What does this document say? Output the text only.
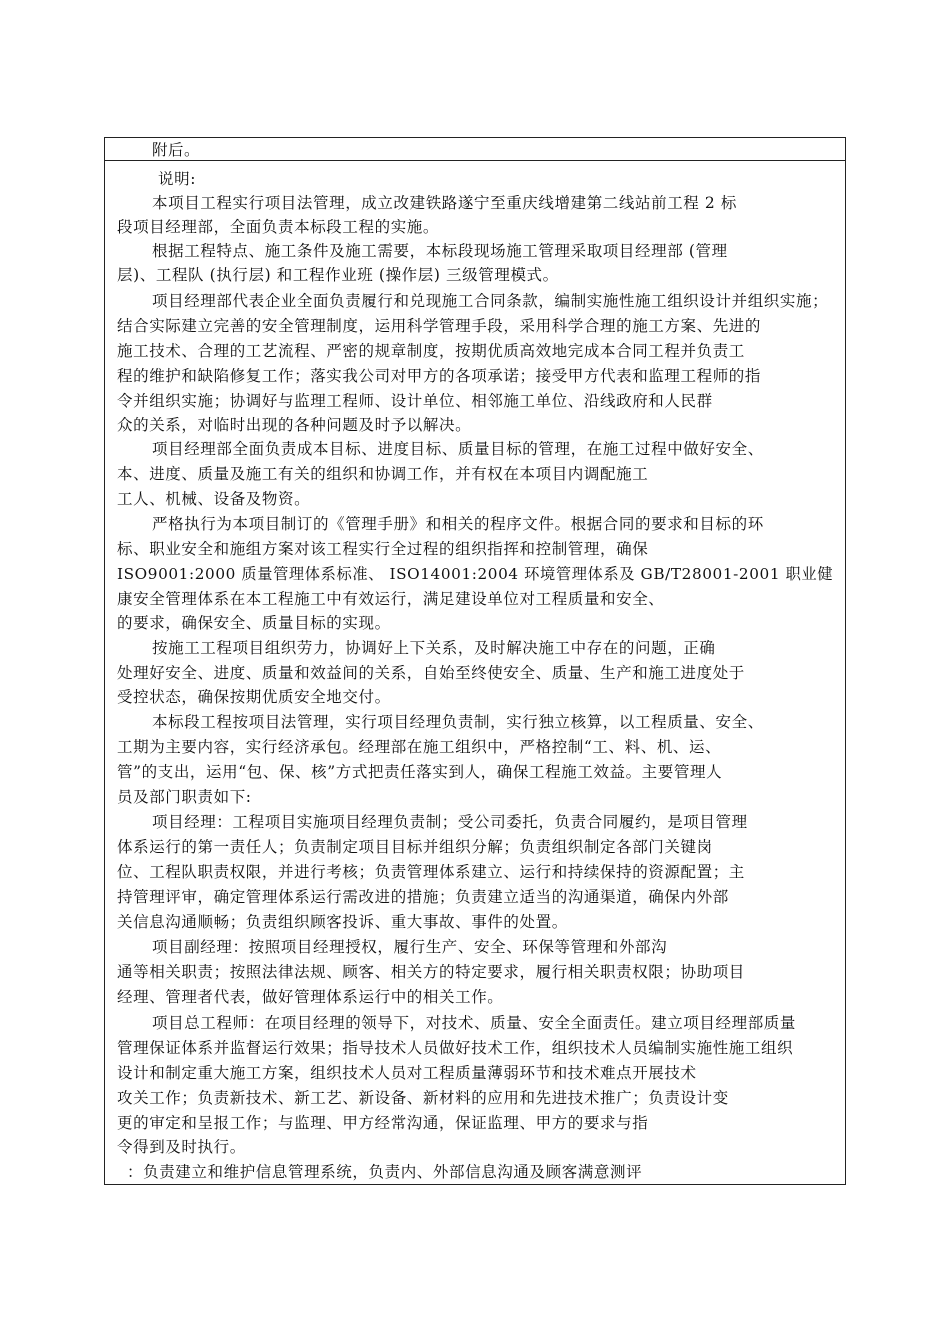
附后。
说明:
本项目工程实行项目法管理，成立改建铁路遂宁至重庆线增建第二线站前工程 2 标
段项目经理部，全面负责本标段工程的实施。
根据工程特点、施工条件及施工需要，本标段现场施工管理采取项目经理部 (管理
层)、工程队 (执行层) 和工程作业班 (操作层) 三级管理模式。
项目经理部代表企业全面负责履行和兑现施工合同条款，编制实施性施工组织设计并组织实施；
结合实际建立完善的安全管理制度，运用科学管理手段，采用科学合理的施工方案、先进的
施工技术、合理的工艺流程、严密的规章制度，按期优质高效地完成本合同工程并负责工
程的维护和缺陷修复工作；落实我公司对甲方的各项承诺；接受甲方代表和监理工程师的指
令并组织实施；协调好与监理工程师、设计单位、相邻施工单位、沿线政府和人民群
众的关系，对临时出现的各种问题及时予以解决。
项目经理部全面负责成本目标、进度目标、质量目标的管理，在施工过程中做好安全、
本、进度、质量及施工有关的组织和协调工作，并有权在本项目内调配施工
工人、机械、设备及物资。
严格执行为本项目制订的《管理手册》和相关的程序文件。根据合同的要求和目标的环
标、职业安全和施组方案对该工程实行全过程的组织指挥和控制管理，确保
ISO9001:2000 质量管理体系标准、 ISO14001:2004 环境管理体系及 GB/T28001-2001 职业健
康安全管理体系在本工程施工中有效运行，满足建设单位对工程质量和安全、
的要求，确保安全、质量目标的实现。
按施工工程项目组织劳力，协调好上下关系，及时解决施工中存在的问题，正确
处理好安全、进度、质量和效益间的关系，自始至终使安全、质量、生产和施工进度处于
受控状态，确保按期优质安全地交付。
本标段工程按项目法管理，实行项目经理负责制，实行独立核算，以工程质量、安全、
工期为主要内容，实行经济承包。经理部在施工组织中，严格控制“工、料、机、运、
管”的支出，运用“包、保、核”方式把责任落实到人，确保工程施工效益。主要管理人
员及部门职责如下:
项目经理：工程项目实施项目经理负责制；受公司委托，负责合同履约，是项目管理
体系运行的第一责任人；负责制定项目目标并组织分解；负责组织制定各部门关键岗
位、工程队职责权限，并进行考核；负责管理体系建立、运行和持续保持的资源配置；主
持管理评审，确定管理体系运行需改进的措施；负责建立适当的沟通渠道，确保内外部
关信息沟通顺畅；负责组织顾客投诉、重大事故、事件的处置。
项目副经理：按照项目经理授权，履行生产、安全、环保等管理和外部沟
通等相关职责；按照法律法规、顾客、相关方的特定要求，履行相关职责权限；协助项目
经理、管理者代表，做好管理体系运行中的相关工作。
项目总工程师：在项目经理的领导下，对技术、质量、安全全面责任。建立项目经理部质量
管理保证体系并监督运行效果；指导技术人员做好技术工作，组织技术人员编制实施性施工组织
设计和制定重大施工方案，组织技术人员对工程质量薄弱环节和技术难点开展技术
攻关工作；负责新技术、新工艺、新设备、新材料的应用和先进技术推广；负责设计变
更的审定和呈报工作；与监理、甲方经常沟通，保证监理、甲方的要求与指
令得到及时执行。
：负责建立和维护信息管理系统，负责内、外部信息沟通及顾客满意测评
